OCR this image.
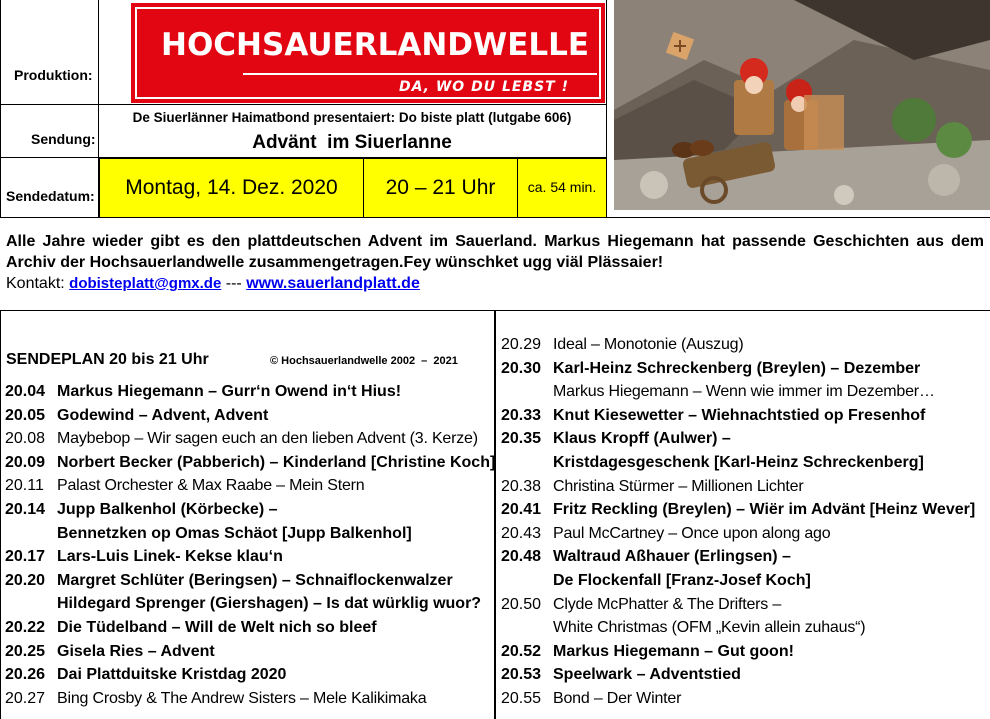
Produktion:
Sendung:
Sendedatum:
HOCHSAUERLANDWELLE
DA, WO DU LEBST !
De Siuerlänner Haimatbond presentaiert: Do biste platt (lutgabe 606)
Advänt  im Siuerlanne
Montag, 14. Dez. 2020 20 – 21 Uhr ca. 54 min.
Alle Jahre wieder gibt es den plattdeutschen Advent im Sauerland. Markus Hiegemann hat passende Geschichten aus dem Archiv der Hochsauerlandwelle zusammengetragen.Fey wünschket ugg viäl Plässaier!
Kontakt: dobisteplatt@gmx.de --- www.sauerlandplatt.de
SENDEPLAN 20 bis 21 Uhr	© Hochsauerlandwelle 2002  –  2021
20.04 Markus Hiegemann – Gurr‘n Owend in‘t Hius!
20.05 Godewind – Advent, Advent
20.08 Maybebop – Wir sagen euch an den lieben Advent (3. Kerze)
20.09 Norbert Becker (Pabberich) – Kinderland [Christine Koch]
20.11 Palast Orchester & Max Raabe – Mein Stern
20.14 Jupp Balkenhol (Körbecke) –
Bennetzken op Omas Schäot [Jupp Balkenhol]
20.17 Lars-Luis Linek- Kekse klau‘n
20.20 Margret Schlüter (Beringsen) – Schnaiflockenwalzer
Hildegard Sprenger (Giershagen) – Is dat würklig wuor?
20.22 Die Tüdelband – Will de Welt nich so bleef
20.25 Gisela Ries – Advent
20.26 Dai Plattduitske Kristdag 2020
20.27 Bing Crosby & The Andrew Sisters – Mele Kalikimaka
20.29 Ideal – Monotonie (Auszug)
20.30 Karl-Heinz Schreckenberg (Breylen) – Dezember
Markus Hiegemann – Wenn wie immer im Dezember…
20.33 Knut Kiesewetter – Wiehnachtstied op Fresenhof
20.35 Klaus Kropff (Aulwer) –
Kristdagesgeschenk [Karl-Heinz Schreckenberg]
20.38 Christina Stürmer – Millionen Lichter
20.41 Fritz Reckling (Breylen) – Wiër im Advänt [Heinz Wever]
20.43 Paul McCartney – Once upon along ago
20.48 Waltraud Aßhauer (Erlingsen) –
De Flockenfall [Franz-Josef Koch]
20.50 Clyde McPhatter & The Drifters –
White Christmas (OFM „Kevin allein zuhaus“)
20.52 Markus Hiegemann – Gut goon!
20.53 Speelwark – Adventstied
20.55 Bond – Der Winter
